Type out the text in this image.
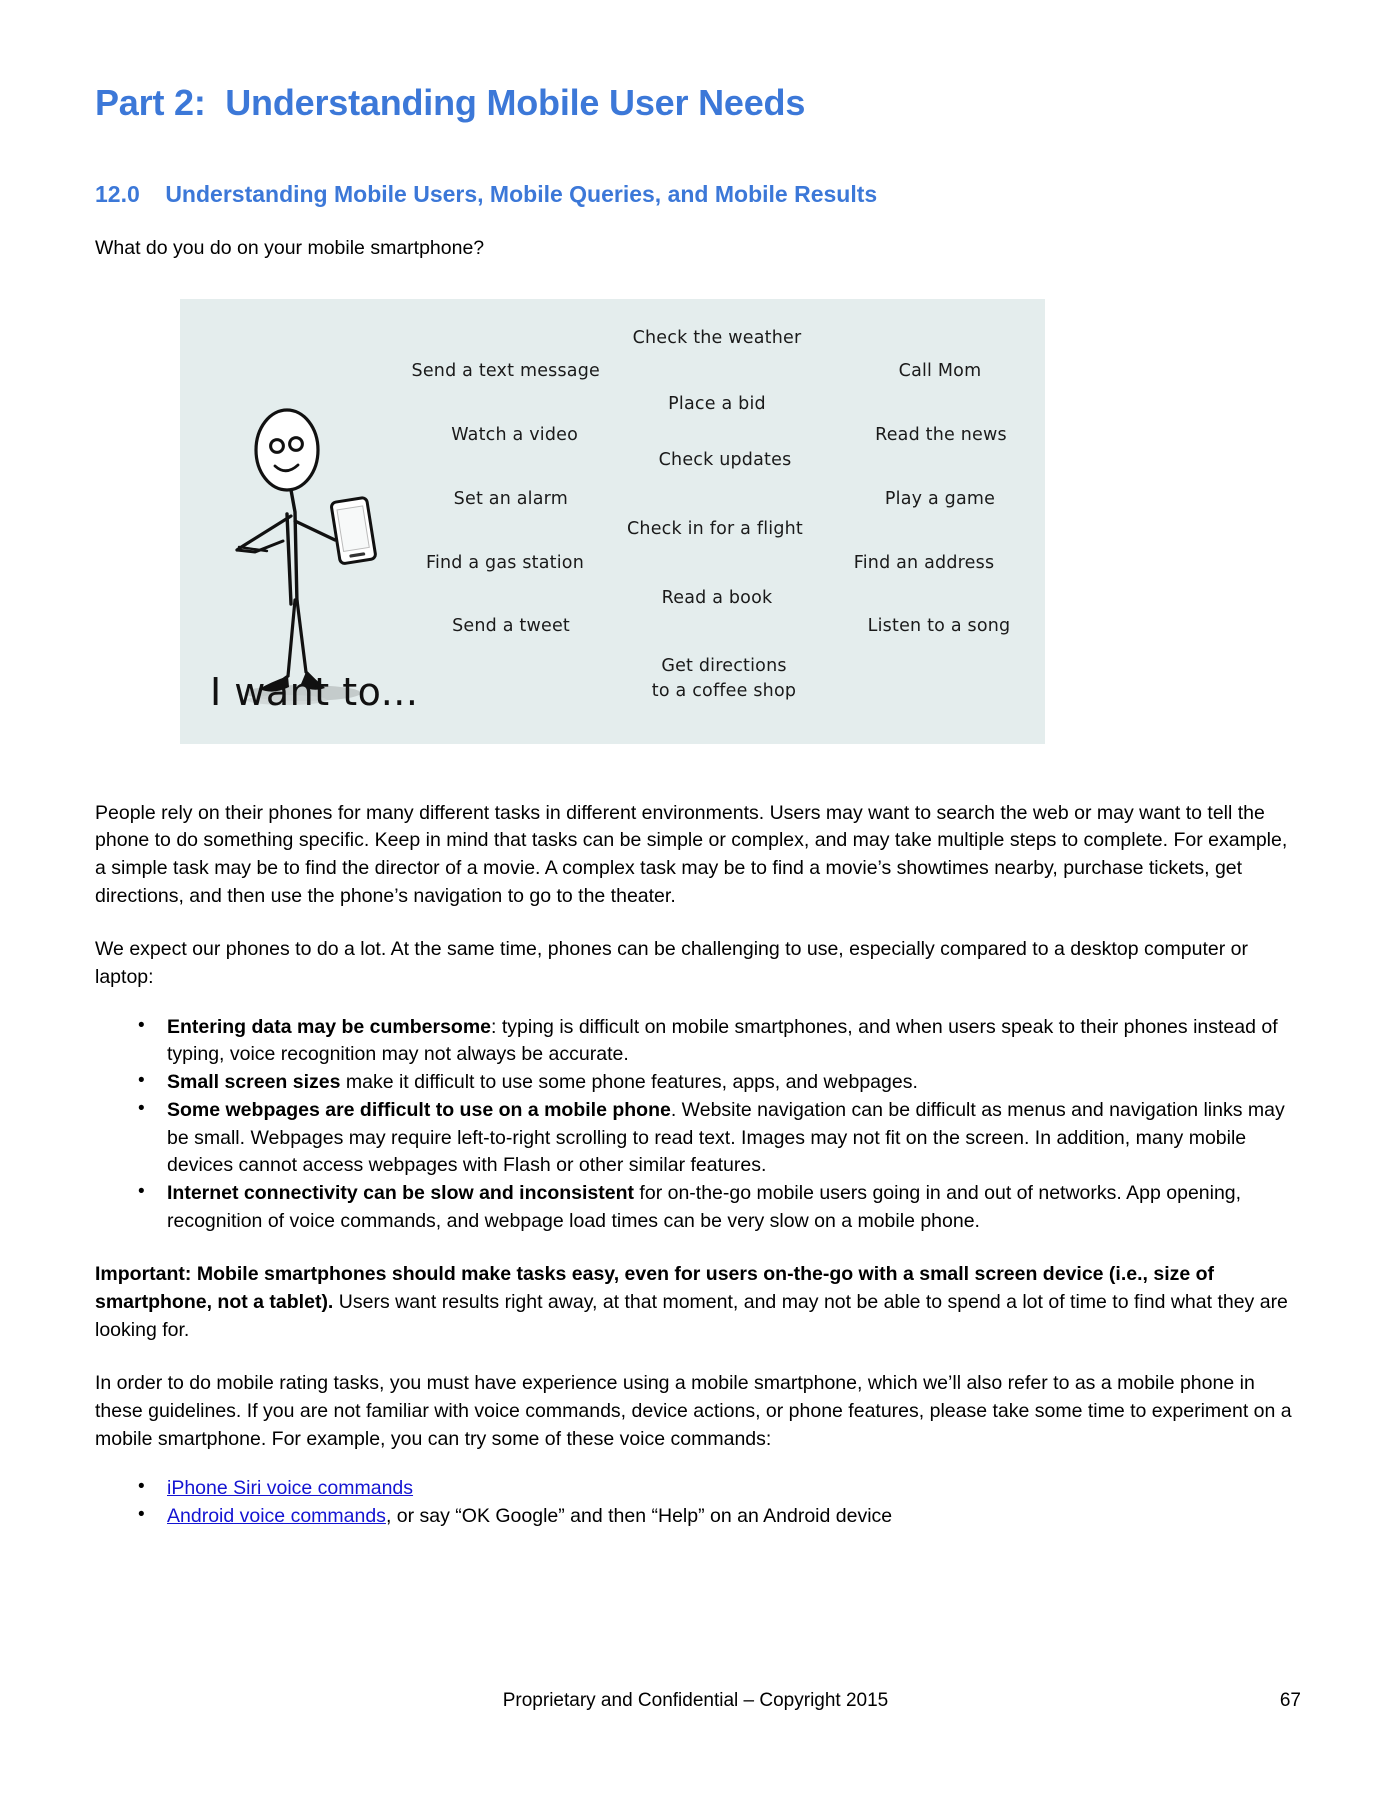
Part 2:  Understanding Mobile User Needs
12.0    Understanding Mobile Users, Mobile Queries, and Mobile Results

What do you do on your mobile smartphone?

Send a text message
Watch a video
Set an alarm
Find a gas station
Send a tweet
Check the weather
Place a bid
Check updates
Check in for a flight
Read a book
Get directions
to a coffee shop
Call Mom
Read the news
Play a game
Find an address
Listen to a song
I want to...

People rely on their phones for many different tasks in different environments. Users may want to search the web or may want to tell the phone to do something specific. Keep in mind that tasks can be simple or complex, and may take multiple steps to complete. For example, a simple task may be to find the director of a movie. A complex task may be to find a movie’s showtimes nearby, purchase tickets, get directions, and then use the phone’s navigation to go to the theater.

We expect our phones to do a lot. At the same time, phones can be challenging to use, especially compared to a desktop computer or laptop:

• Entering data may be cumbersome: typing is difficult on mobile smartphones, and when users speak to their phones instead of typing, voice recognition may not always be accurate.
• Small screen sizes make it difficult to use some phone features, apps, and webpages.
• Some webpages are difficult to use on a mobile phone. Website navigation can be difficult as menus and navigation links may be small. Webpages may require left-to-right scrolling to read text. Images may not fit on the screen. In addition, many mobile devices cannot access webpages with Flash or other similar features.
• Internet connectivity can be slow and inconsistent for on-the-go mobile users going in and out of networks. App opening, recognition of voice commands, and webpage load times can be very slow on a mobile phone.

Important: Mobile smartphones should make tasks easy, even for users on-the-go with a small screen device (i.e., size of smartphone, not a tablet). Users want results right away, at that moment, and may not be able to spend a lot of time to find what they are looking for.

In order to do mobile rating tasks, you must have experience using a mobile smartphone, which we’ll also refer to as a mobile phone in these guidelines. If you are not familiar with voice commands, device actions, or phone features, please take some time to experiment on a mobile smartphone. For example, you can try some of these voice commands:

• iPhone Siri voice commands
• Android voice commands, or say “OK Google” and then “Help” on an Android device
Proprietary and Confidential – Copyright 2015	67
